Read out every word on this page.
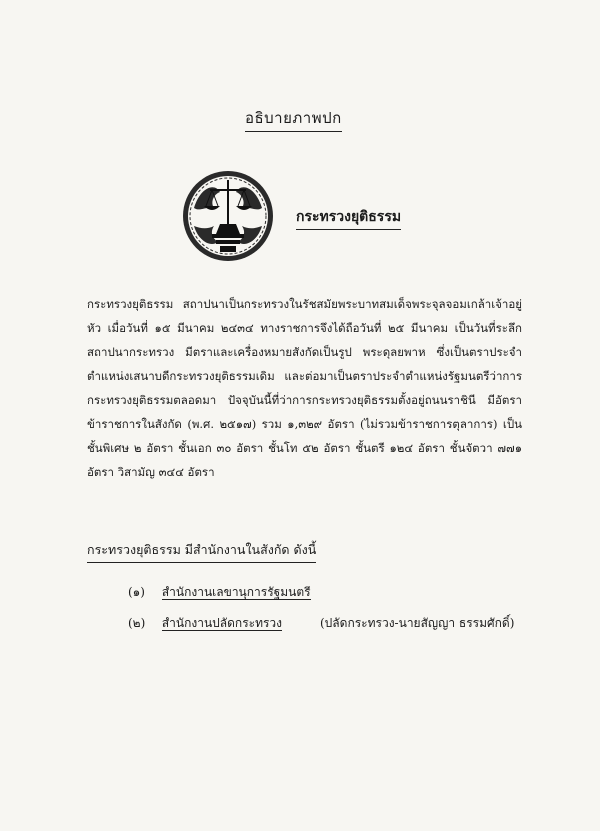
อธิบายภาพปก
กระทรวงยุติธรรม
กระทรวงยุติธรรม สถาปนาเป็นกระทรวงในรัชสมัยพระบาทสมเด็จพระจุลจอมเกล้าเจ้าอยู่หัว เมื่อวันที่ ๑๕ มีนาคม ๒๔๓๔ ทางราชการจึงได้ถือวันที่ ๒๕ มีนาคม เป็นวันที่ระลึกสถาปนากระทรวง มีตราและเครื่องหมายสังกัดเป็นรูป พระดุลยพาห ซึ่งเป็นตราประจำตำแหน่งเสนาบดีกระทรวงยุติธรรมเดิม และต่อมาเป็นตราประจำตำแหน่งรัฐมนตรีว่าการกระทรวงยุติธรรมตลอดมา ปัจจุบันนี้ที่ว่าการกระทรวงยุติธรรมตั้งอยู่ถนนราชินี มีอัตราข้าราชการในสังกัด (พ.ศ. ๒๕๑๗) รวม ๑,๓๒๙ อัตรา (ไม่รวมข้าราชการตุลาการ) เป็นชั้นพิเศษ ๒ อัตรา ชั้นเอก ๓๐ อัตรา ชั้นโท ๕๒ อัตรา ชั้นตรี ๑๒๔ อัตรา ชั้นจัตวา ๗๗๑ อัตรา วิสามัญ ๓๔๔ อัตรา
กระทรวงยุติธรรม มีสำนักงานในสังกัด ดังนี้
(๑) สำนักงานเลขานุการรัฐมนตรี
(๒) สำนักงานปลัดกระทรวง	(ปลัดกระทรวง-นายสัญญา ธรรมศักดิ์)
